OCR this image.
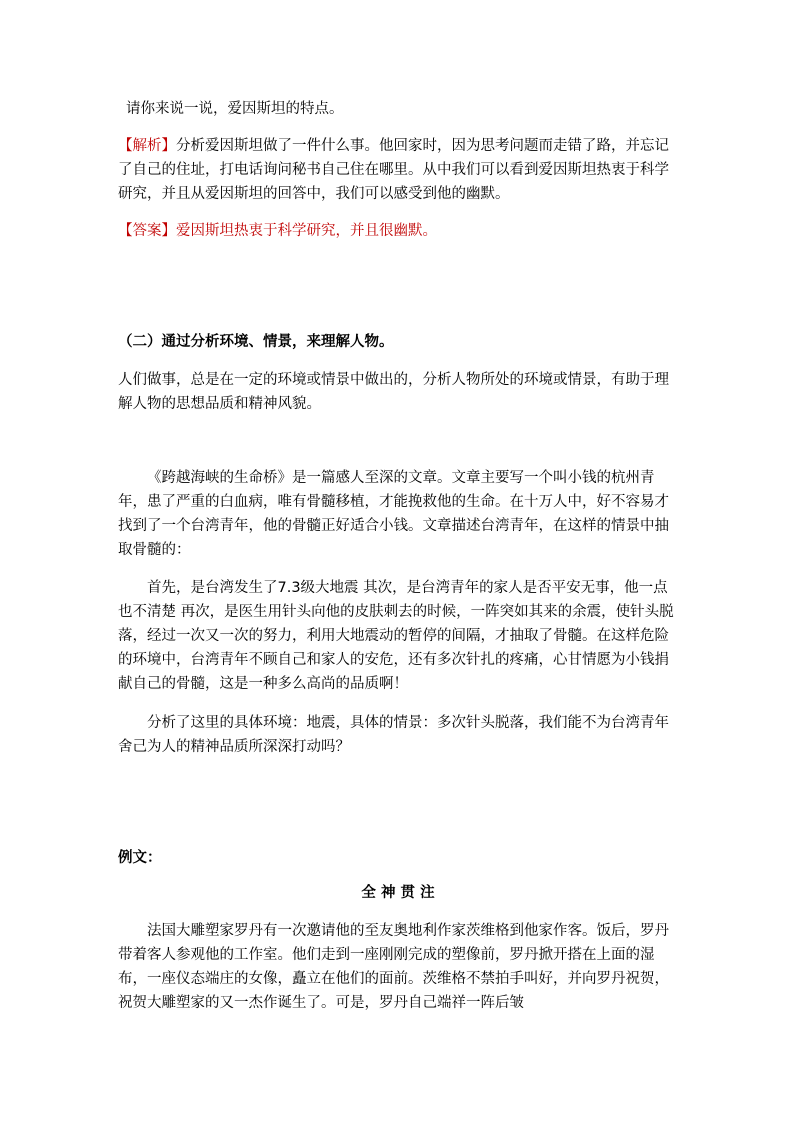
请你来说一说，爱因斯坦的特点。

【解析】分析爱因斯坦做了一件什么事。他回家时，因为思考问题而走错了路，并忘记了自己的住址，打电话询问秘书自己住在哪里。从中我们可以看到爱因斯坦热衷于科学研究，并且从爱因斯坦的回答中，我们可以感受到他的幽默。

【答案】爱因斯坦热衷于科学研究，并且很幽默。

（二）通过分析环境、情景，来理解人物。

人们做事，总是在一定的环境或情景中做出的，分析人物所处的环境或情景，有助于理解人物的思想品质和精神风貌。

《跨越海峡的生命桥》是一篇感人至深的文章。文章主要写一个叫小钱的杭州青年，患了严重的白血病，唯有骨髓移植，才能挽救他的生命。在十万人中，好不容易才找到了一个台湾青年，他的骨髓正好适合小钱。文章描述台湾青年，在这样的情景中抽取骨髓的：

首先，是台湾发生了7.3级大地震 其次，是台湾青年的家人是否平安无事，他一点也不清楚 再次，是医生用针头向他的皮肤刺去的时候，一阵突如其来的余震，使针头脱落，经过一次又一次的努力，利用大地震动的暂停的间隔，才抽取了骨髓。在这样危险的环境中，台湾青年不顾自己和家人的安危，还有多次针扎的疼痛，心甘情愿为小钱捐献自己的骨髓，这是一种多么高尚的品质啊！

分析了这里的具体环境：地震，具体的情景：多次针头脱落，我们能不为台湾青年舍己为人的精神品质所深深打动吗？

例文：

全 神 贯 注

法国大雕塑家罗丹有一次邀请他的至友奥地利作家茨维格到他家作客。饭后，罗丹带着客人参观他的工作室。他们走到一座刚刚完成的塑像前，罗丹掀开搭在上面的湿布，一座仪态端庄的女像，矗立在他们的面前。茨维格不禁拍手叫好，并向罗丹祝贺，祝贺大雕塑家的又一杰作诞生了。可是，罗丹自己端祥一阵后皱
